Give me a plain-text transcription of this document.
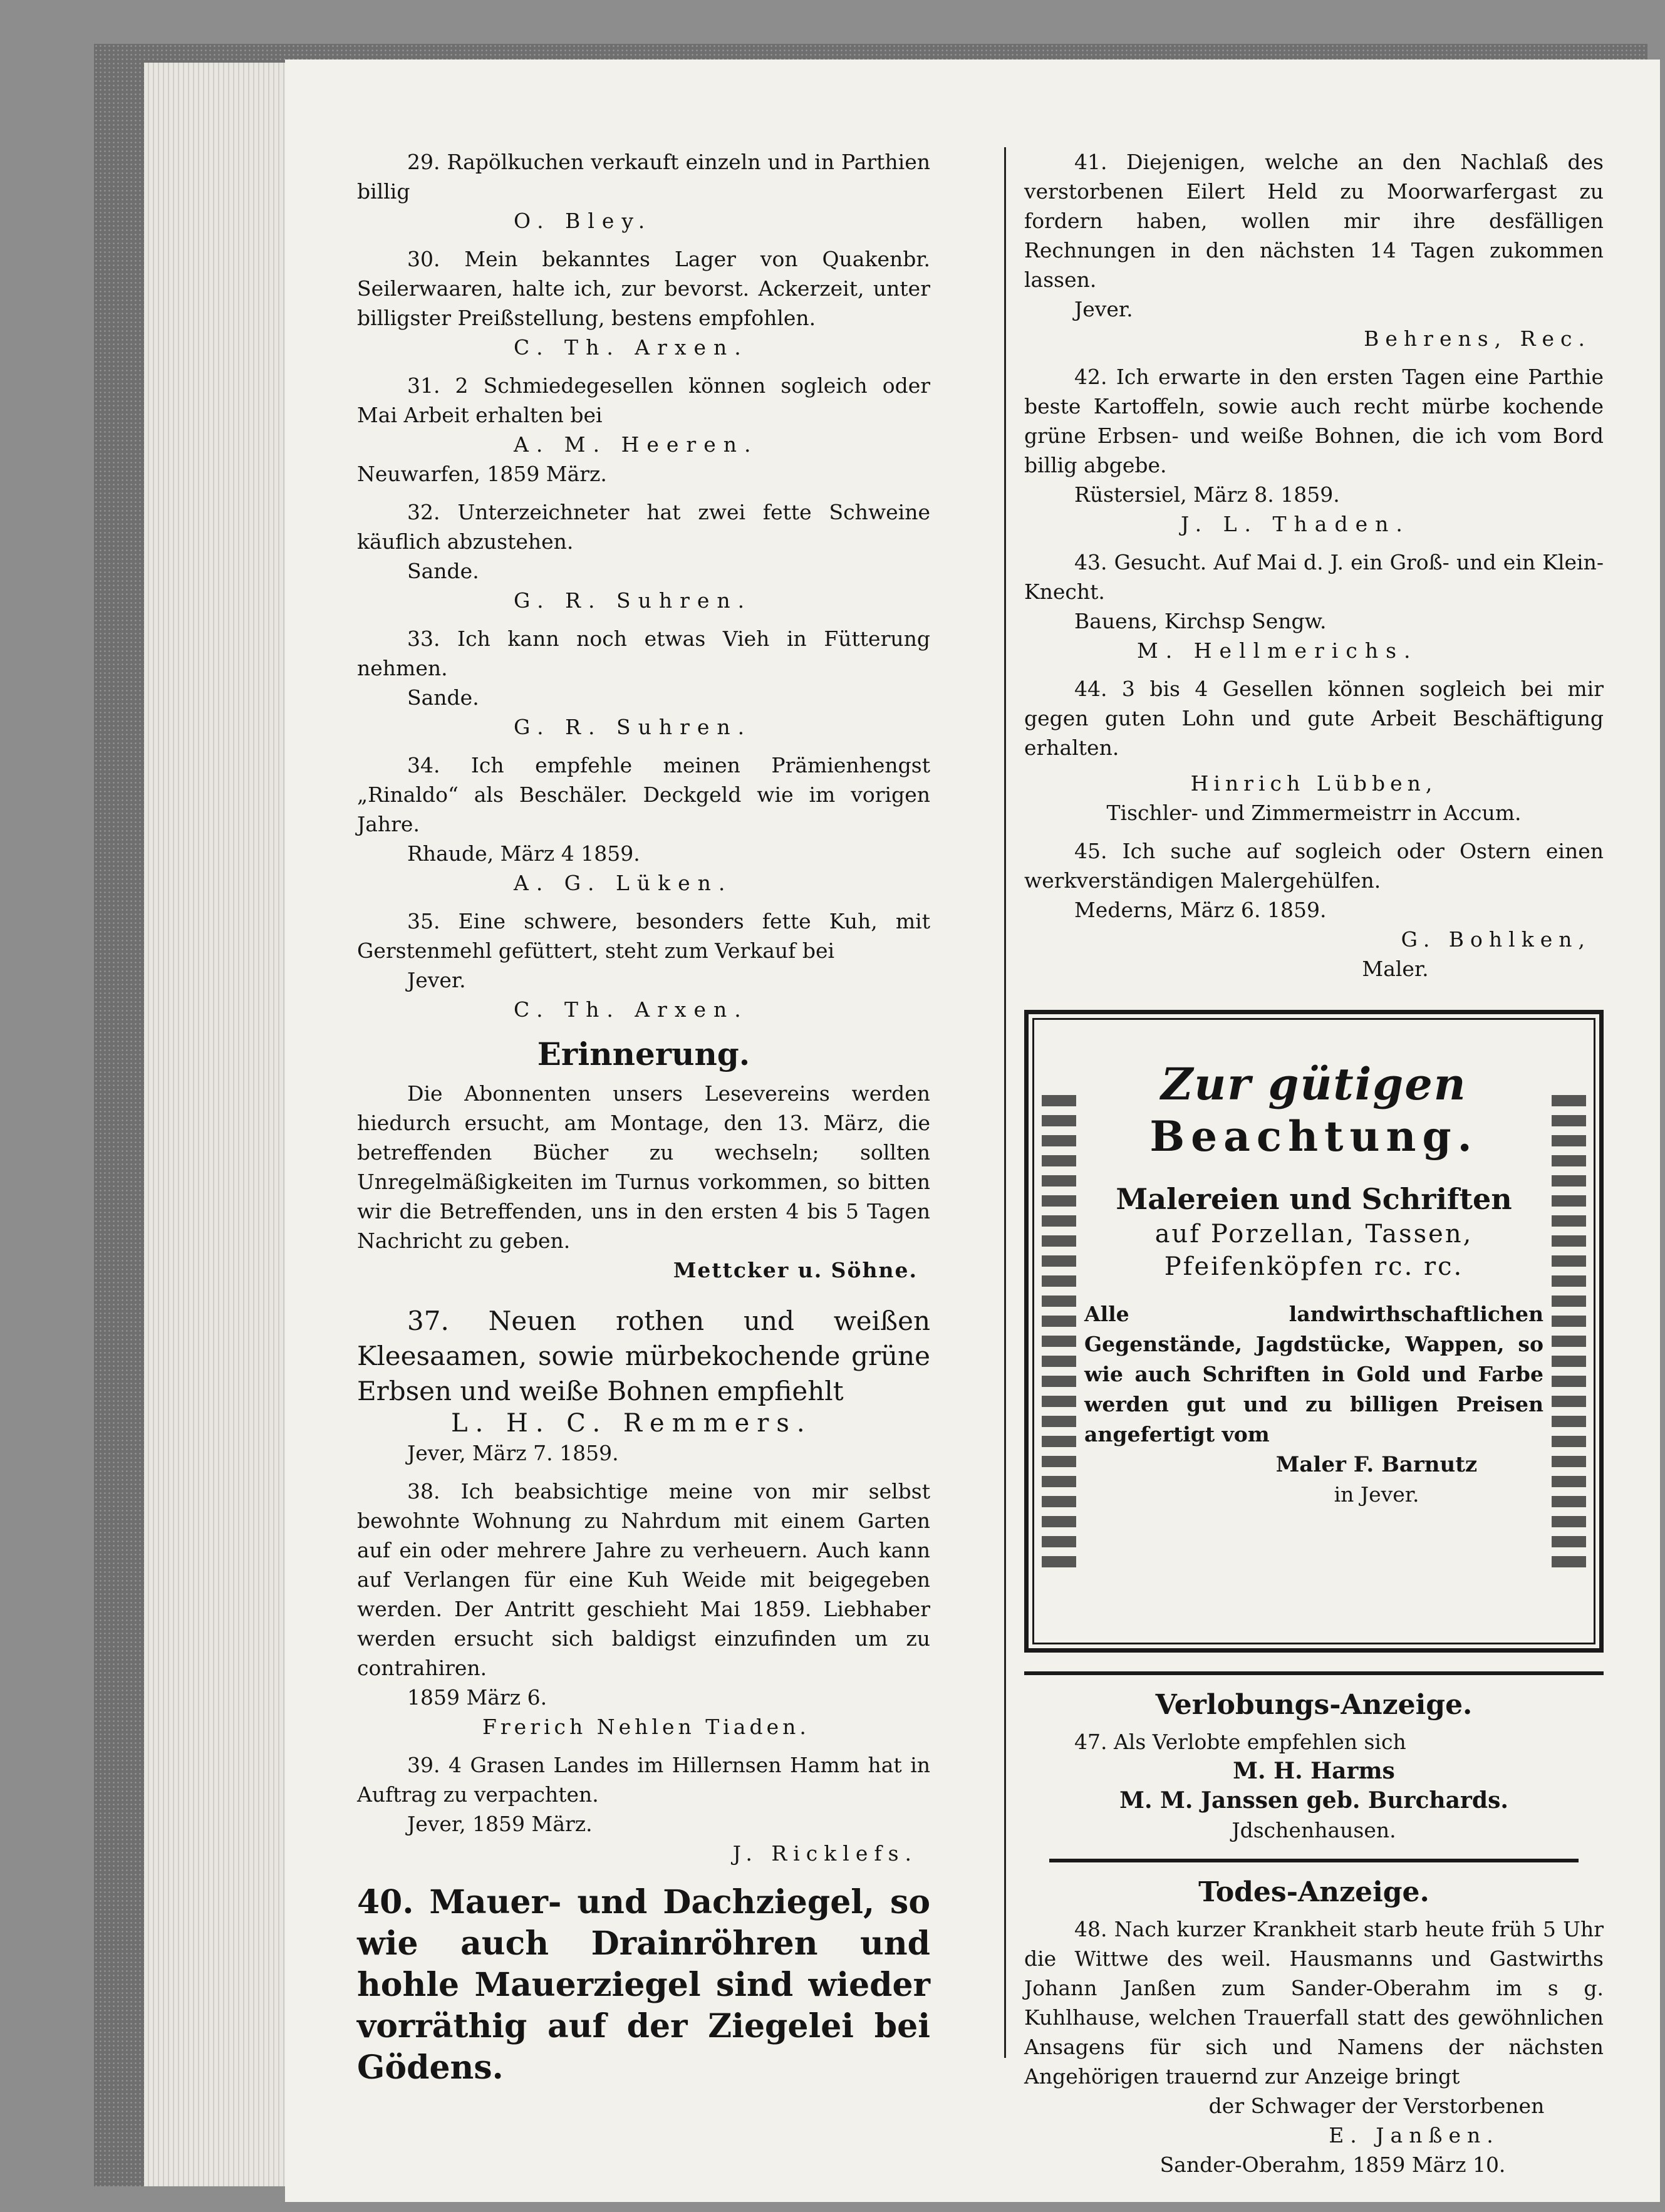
29. Rapölkuchen verkauft einzeln und in Parthien billig

O. Bley.

30. Mein bekanntes Lager von Quakenbr. Seilerwaaren, halte ich, zur bevorst. Ackerzeit, unter billigster Preißstellung, bestens empfohlen.

C. Th. Arxen.

31. 2 Schmiedegesellen können sogleich oder Mai Arbeit erhalten bei

A. M. Heeren.

Neuwarfen, 1859 März.

32. Unterzeichneter hat zwei fette Schweine käuflich abzustehen.

Sande.

G. R. Suhren.

33. Ich kann noch etwas Vieh in Fütterung nehmen.

Sande.

G. R. Suhren.

34. Ich empfehle meinen Prämienhengst „Rinaldo“ als Beschäler. Deckgeld wie im vorigen Jahre.

Rhaude, März 4 1859.

A. G. Lüken.

35. Eine schwere, besonders fette Kuh, mit Gerstenmehl gefüttert, steht zum Verkauf bei

Jever.

C. Th. Arxen.

Erinnerung.

Die Abonnenten unsers Lesevereins werden hiedurch ersucht, am Montage, den 13. März, die betreffenden Bücher zu wechseln; sollten Unregelmäßigkeiten im Turnus vorkommen, so bitten wir die Betreffenden, uns in den ersten 4 bis 5 Tagen Nachricht zu geben.

Mettcker u. Söhne.

37. Neuen rothen und weißen Kleesaamen, sowie mürbekochende grüne Erbsen und weiße Bohnen empfiehlt

L. H. C. Remmers.

Jever, März 7. 1859.

38. Ich beabsichtige meine von mir selbst bewohnte Wohnung zu Nahrdum mit einem Garten auf ein oder mehrere Jahre zu verheuern. Auch kann auf Verlangen für eine Kuh Weide mit beigegeben werden. Der Antritt geschieht Mai 1859. Liebhaber werden ersucht sich baldigst einzufinden um zu contrahiren.

1859 März 6.

Frerich Nehlen Tiaden.

39. 4 Grasen Landes im Hillernsen Hamm hat in Auftrag zu verpachten.

Jever, 1859 März.

J. Ricklefs.

40. Mauer- und Dachziegel, so wie auch Drainröhren und hohle Mauerziegel sind wieder vorräthig auf der Ziegelei bei Gödens.

41. Diejenigen, welche an den Nachlaß des verstorbenen Eilert Held zu Moorwarfergast zu fordern haben, wollen mir ihre desfälligen Rechnungen in den nächsten 14 Tagen zukommen lassen.

Jever.

Behrens, Rec.

42. Ich erwarte in den ersten Tagen eine Parthie beste Kartoffeln, sowie auch recht mürbe kochende grüne Erbsen- und weiße Bohnen, die ich vom Bord billig abgebe.

Rüstersiel, März 8. 1859.

J. L. Thaden.

43. Gesucht. Auf Mai d. J. ein Groß- und ein Klein-Knecht.

Bauens, Kirchsp Sengw.

M. Hellmerichs.

44. 3 bis 4 Gesellen können sogleich bei mir gegen guten Lohn und gute Arbeit Beschäftigung erhalten.

Hinrich Lübben,

Tischler- und Zimmermeistrr in Accum.

45. Ich suche auf sogleich oder Ostern einen werkverständigen Malergehülfen.

Mederns, März 6. 1859.

G. Bohlken,

Maler.

Zur gütigen

Beachtung.

Malereien und Schriften

auf Porzellan, Tassen, Pfeifenköpfen rc. rc.

Alle landwirthschaftlichen Gegenstände, Jagdstücke, Wappen, so wie auch Schriften in Gold und Farbe werden gut und zu billigen Preisen angefertigt vom

Maler F. Barnutz

in Jever.

Verlobungs-Anzeige.

47. Als Verlobte empfehlen sich

M. H. Harms

M. M. Janssen geb. Burchards.

Jdschenhausen.

Todes-Anzeige.

48. Nach kurzer Krankheit starb heute früh 5 Uhr die Wittwe des weil. Hausmanns und Gastwirths Johann Janßen zum Sander-Oberahm im s g. Kuhlhause, welchen Trauerfall statt des gewöhnlichen Ansagens für sich und Namens der nächsten Angehörigen trauernd zur Anzeige bringt

der Schwager der Verstorbenen

E. Janßen.

Sander-Oberahm, 1859 März 10.
